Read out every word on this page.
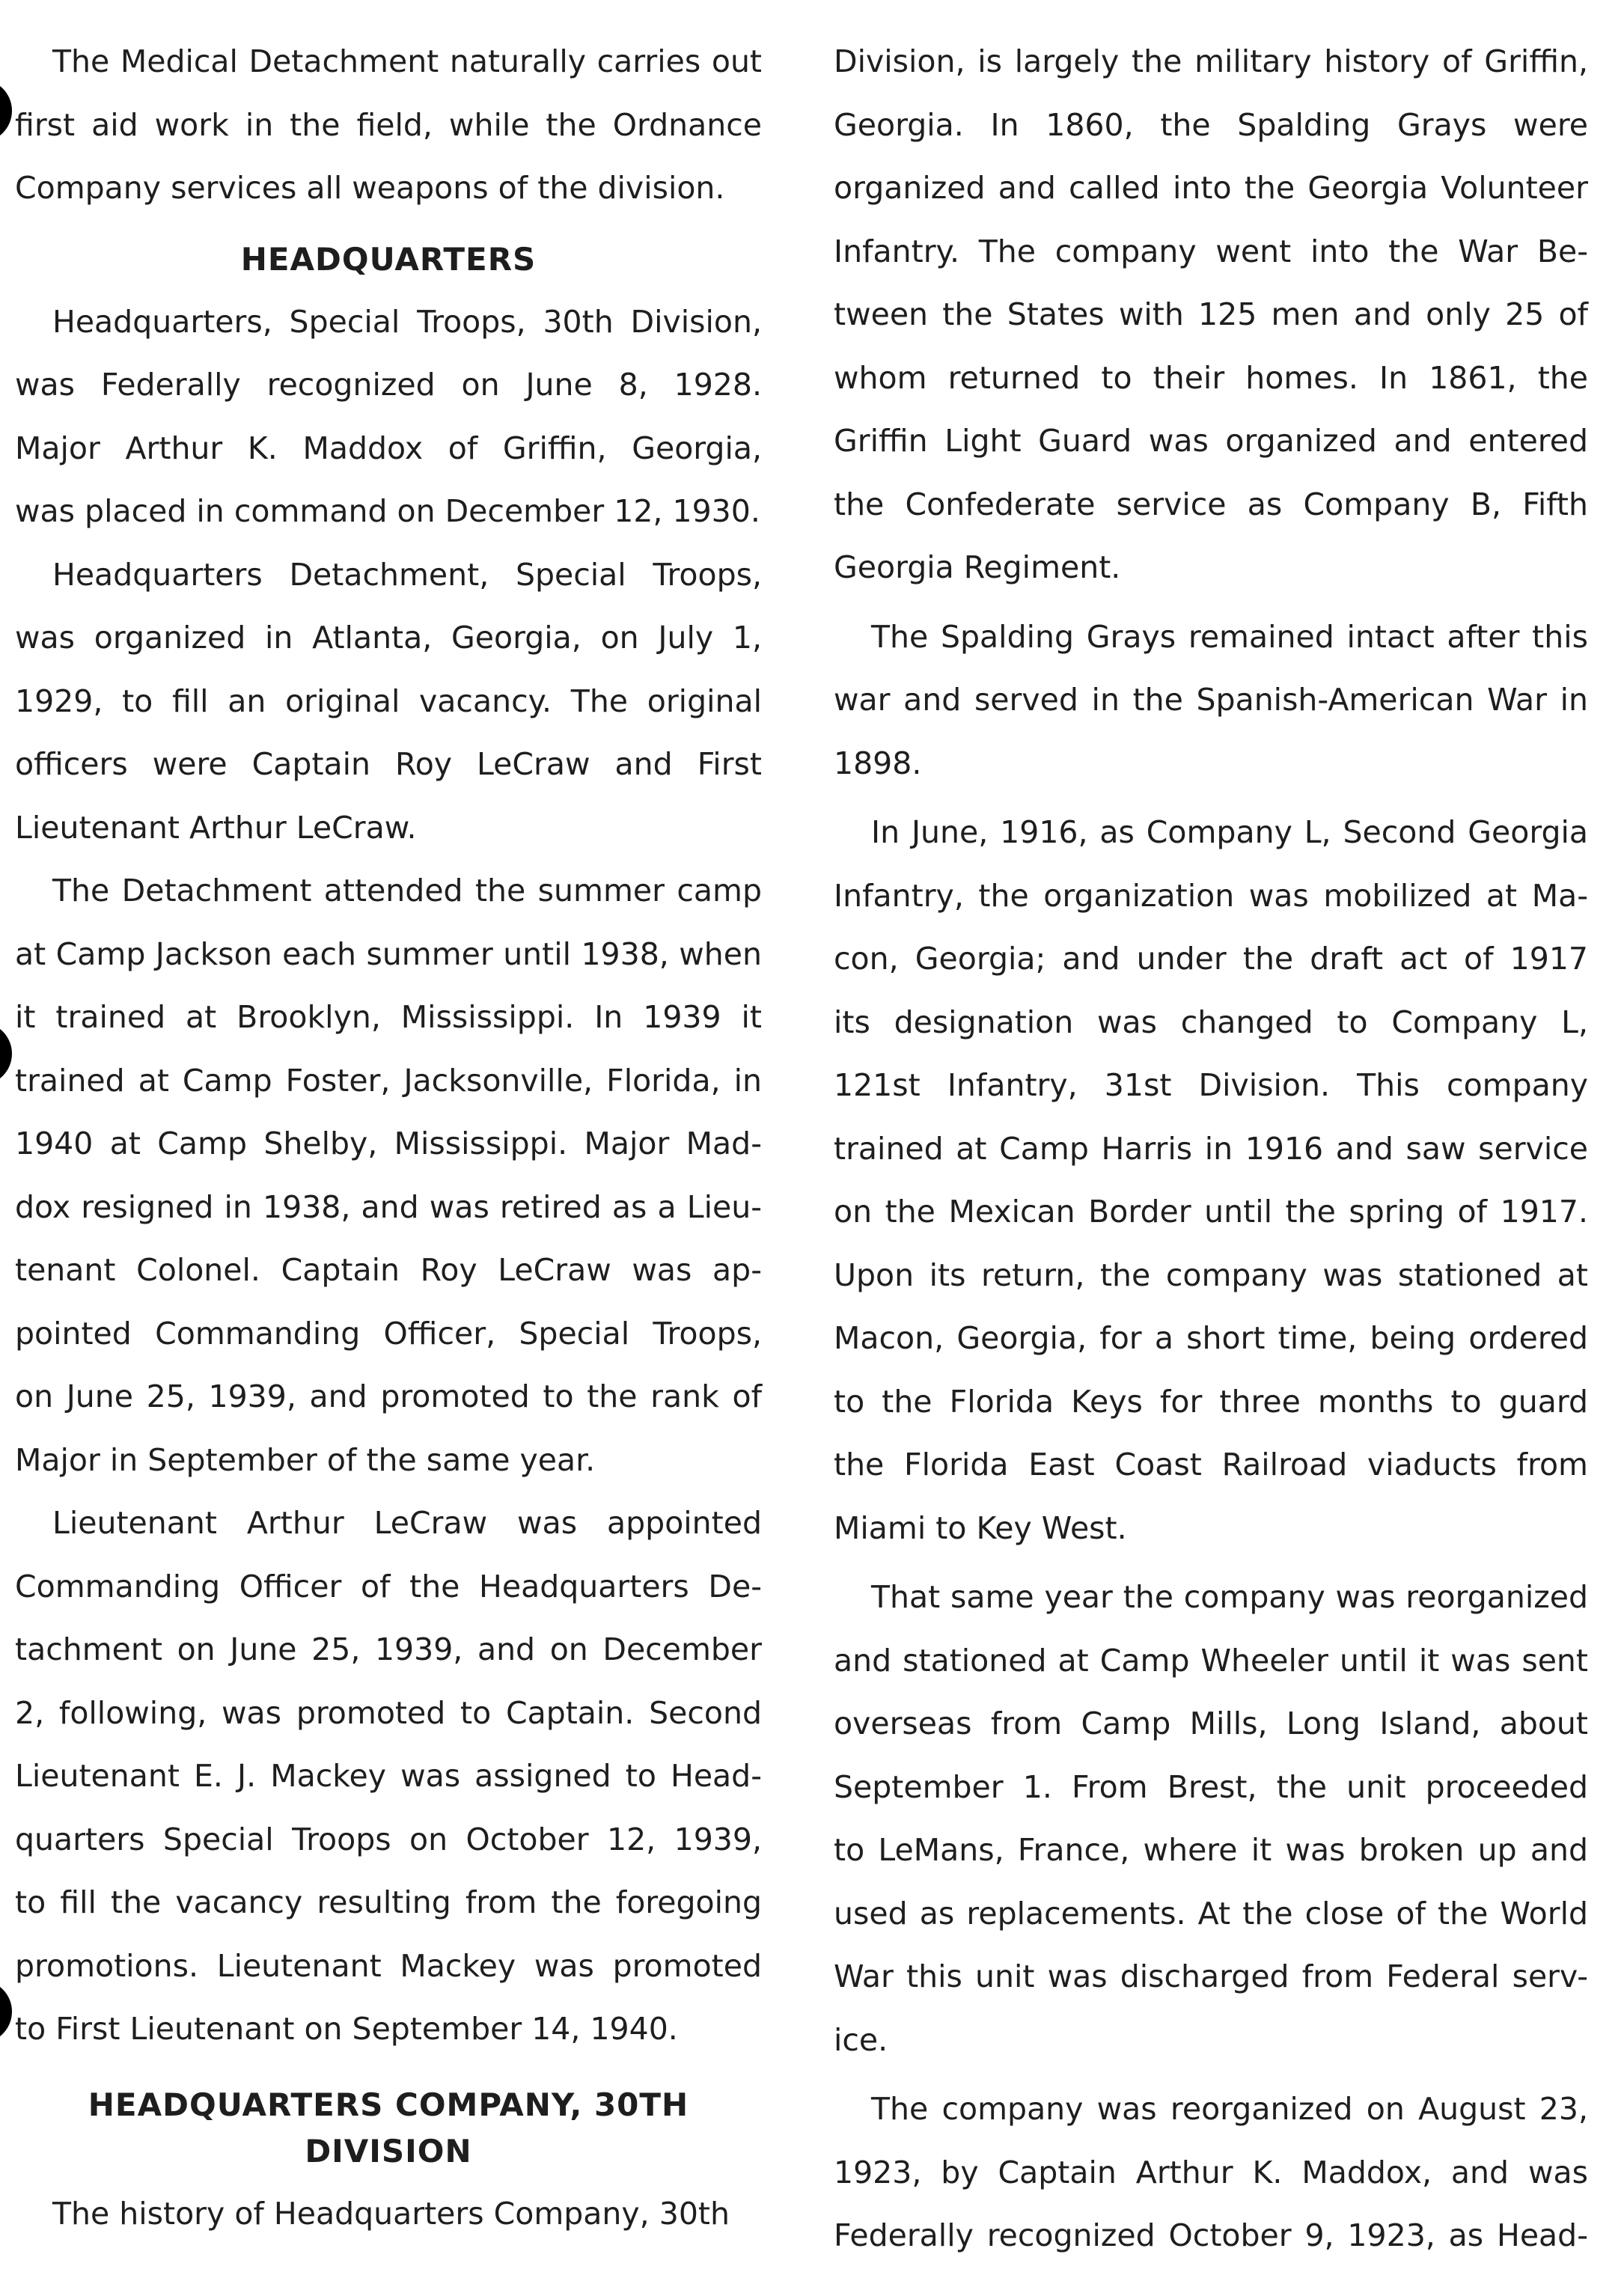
The Medical Detachment naturally carries out
first aid work in the field, while the Ordnance
Company services all weapons of the division.
HEADQUARTERS
Headquarters, Special Troops, 30th Division,
was Federally recognized on June 8, 1928.
Major Arthur K. Maddox of Griffin, Georgia,
was placed in command on December 12, 1930.
Headquarters Detachment, Special Troops,
was organized in Atlanta, Georgia, on July 1,
1929, to fill an original vacancy. The original
officers were Captain Roy LeCraw and First
Lieutenant Arthur LeCraw.
The Detachment attended the summer camp
at Camp Jackson each summer until 1938, when
it trained at Brooklyn, Mississippi. In 1939 it
trained at Camp Foster, Jacksonville, Florida, in
1940 at Camp Shelby, Mississippi. Major Mad-
dox resigned in 1938, and was retired as a Lieu-
tenant Colonel. Captain Roy LeCraw was ap-
pointed Commanding Officer, Special Troops,
on June 25, 1939, and promoted to the rank of
Major in September of the same year.
Lieutenant Arthur LeCraw was appointed
Commanding Officer of the Headquarters De-
tachment on June 25, 1939, and on December
2, following, was promoted to Captain. Second
Lieutenant E. J. Mackey was assigned to Head-
quarters Special Troops on October 12, 1939,
to fill the vacancy resulting from the foregoing
promotions. Lieutenant Mackey was promoted
to First Lieutenant on September 14, 1940.
HEADQUARTERS COMPANY, 30TH
DIVISION
The history of Headquarters Company, 30th
Division, is largely the military history of Griffin,
Georgia. In 1860, the Spalding Grays were
organized and called into the Georgia Volunteer
Infantry. The company went into the War Be-
tween the States with 125 men and only 25 of
whom returned to their homes. In 1861, the
Griffin Light Guard was organized and entered
the Confederate service as Company B, Fifth
Georgia Regiment.
The Spalding Grays remained intact after this
war and served in the Spanish-American War in
1898.
In June, 1916, as Company L, Second Georgia
Infantry, the organization was mobilized at Ma-
con, Georgia; and under the draft act of 1917
its designation was changed to Company L,
121st Infantry, 31st Division. This company
trained at Camp Harris in 1916 and saw service
on the Mexican Border until the spring of 1917.
Upon its return, the company was stationed at
Macon, Georgia, for a short time, being ordered
to the Florida Keys for three months to guard
the Florida East Coast Railroad viaducts from
Miami to Key West.
That same year the company was reorganized
and stationed at Camp Wheeler until it was sent
overseas from Camp Mills, Long Island, about
September 1. From Brest, the unit proceeded
to LeMans, France, where it was broken up and
used as replacements. At the close of the World
War this unit was discharged from Federal serv-
ice.
The company was reorganized on August 23,
1923, by Captain Arthur K. Maddox, and was
Federally recognized October 9, 1923, as Head-
